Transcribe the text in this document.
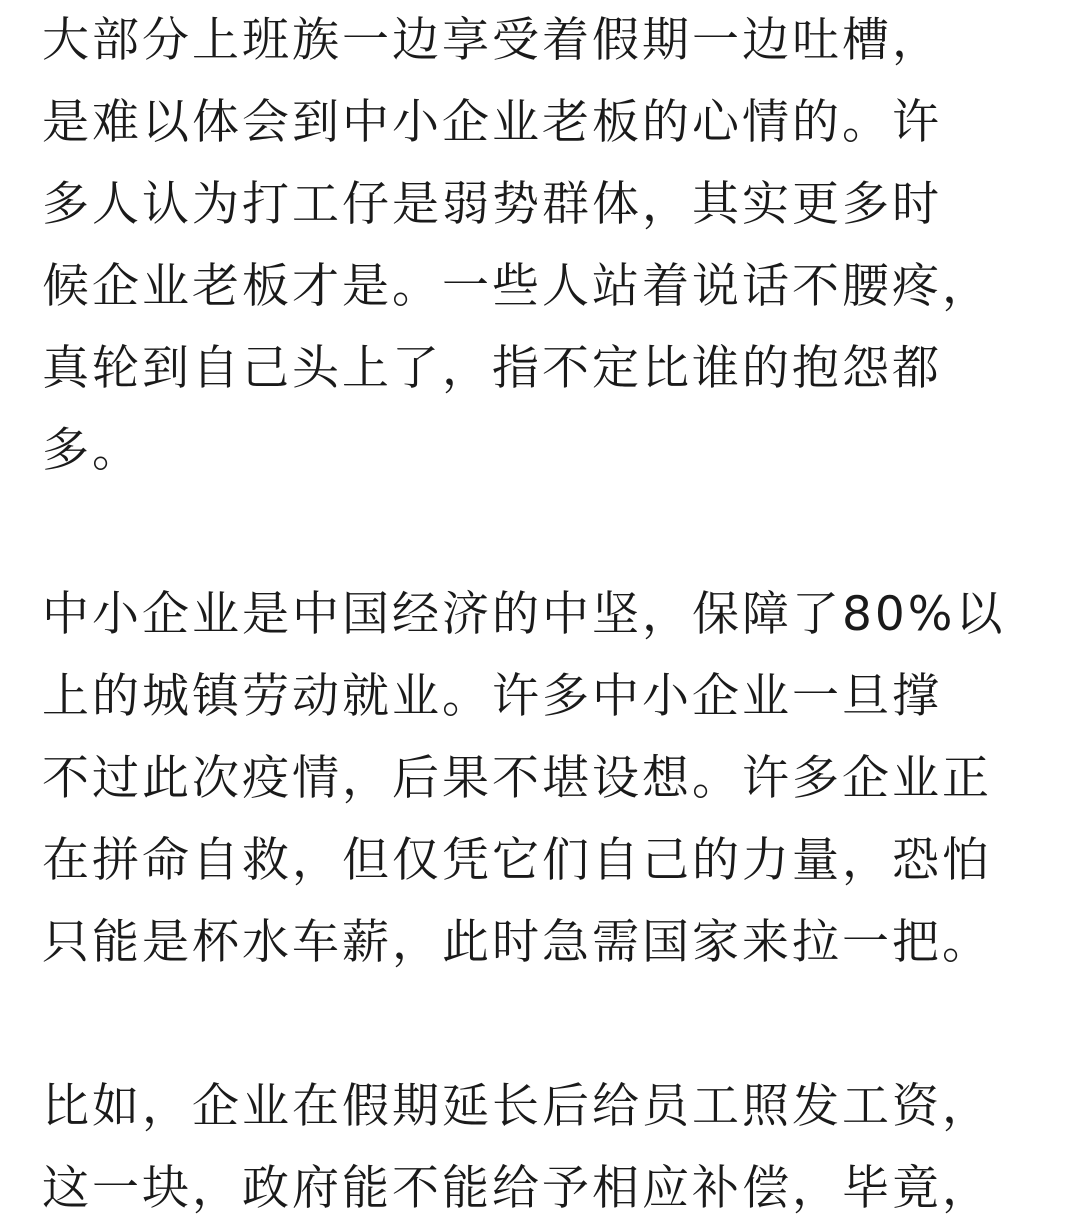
大部分上班族一边享受着假期一边吐槽，
是难以体会到中小企业老板的心情的。许
多人认为打工仔是弱势群体，其实更多时
候企业老板才是。一些人站着说话不腰疼，
真轮到自己头上了，指不定比谁的抱怨都
多。
中小企业是中国经济的中坚，保障了80%以
上的城镇劳动就业。许多中小企业一旦撑
不过此次疫情，后果不堪设想。许多企业正
在拼命自救，但仅凭它们自己的力量，恐怕
只能是杯水车薪，此时急需国家来拉一把。
比如，企业在假期延长后给员工照发工资，
这一块，政府能不能给予相应补偿，毕竟，
